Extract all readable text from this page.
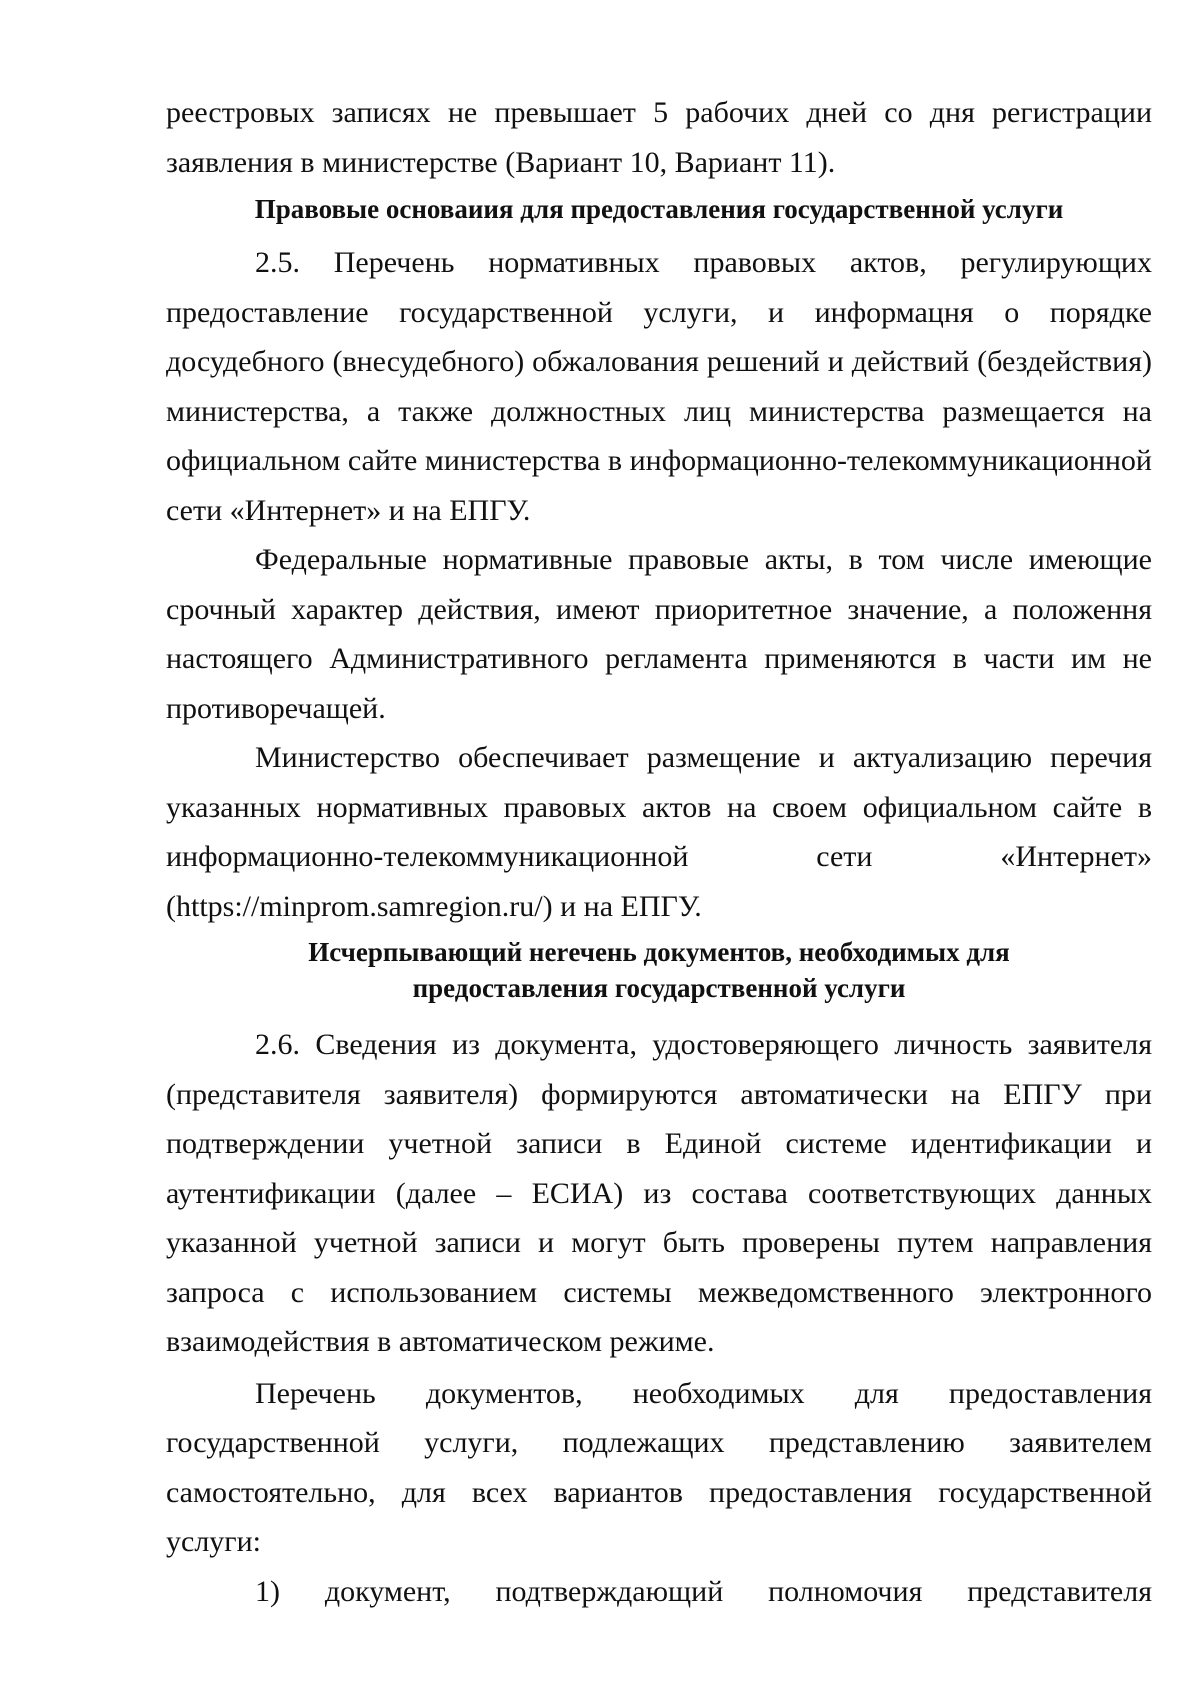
реестровых записях не превышает 5 рабочих дней со дня регистрации заявления в министерстве (Вариант 10, Вариант 11).

Правовые основаиия для предоставления государственной услуги

2.5. Перечень нормативных правовых актов, регулирующих предоставление государственной услуги, и информацня о порядке досудебного (внесудебного) обжалования решений и действий (бездействия) министерства, а также должностных лиц министерства размещается на официальном сайте министерства в информационно-телекоммуникационной сети «Интернет» и на ЕПГУ.

Федеральные нормативные правовые акты, в том числе имеющие срочный характер действия, имеют приоритетное значение, а положення настоящего Административного регламента применяются в части им не противоречащей.

Министерство обеспечивает размещение и актуализацию перечия указанных нормативных правовых актов на своем официальном сайте в информационно-телекоммуникационной сети «Интернет» (https://minprom.samregion.ru/) и на ЕПГУ.

Исчерпывающий нerечень документов, необходимых для

предоставления государственной услуги

2.6. Сведения из документа, удостоверяющего личность заявителя (представителя заявителя) формируются автоматически на ЕПГУ при подтверждении учетной записи в Единой системе идентификации и аутентификации (далее – ЕСИА) из состава соответствующих данных указанной учетной записи и могут быть проверены путем направления запроса с использованием системы межведомственного электронного взаимодействия в автоматическом режиме.

Перечень документов, необходимых для предоставления государственной услуги, подлежащих представлению заявителем самостоятельно, для всех вариантов предоставления государственной услуги:

1) документ, подтверждающий полномочия представителя
